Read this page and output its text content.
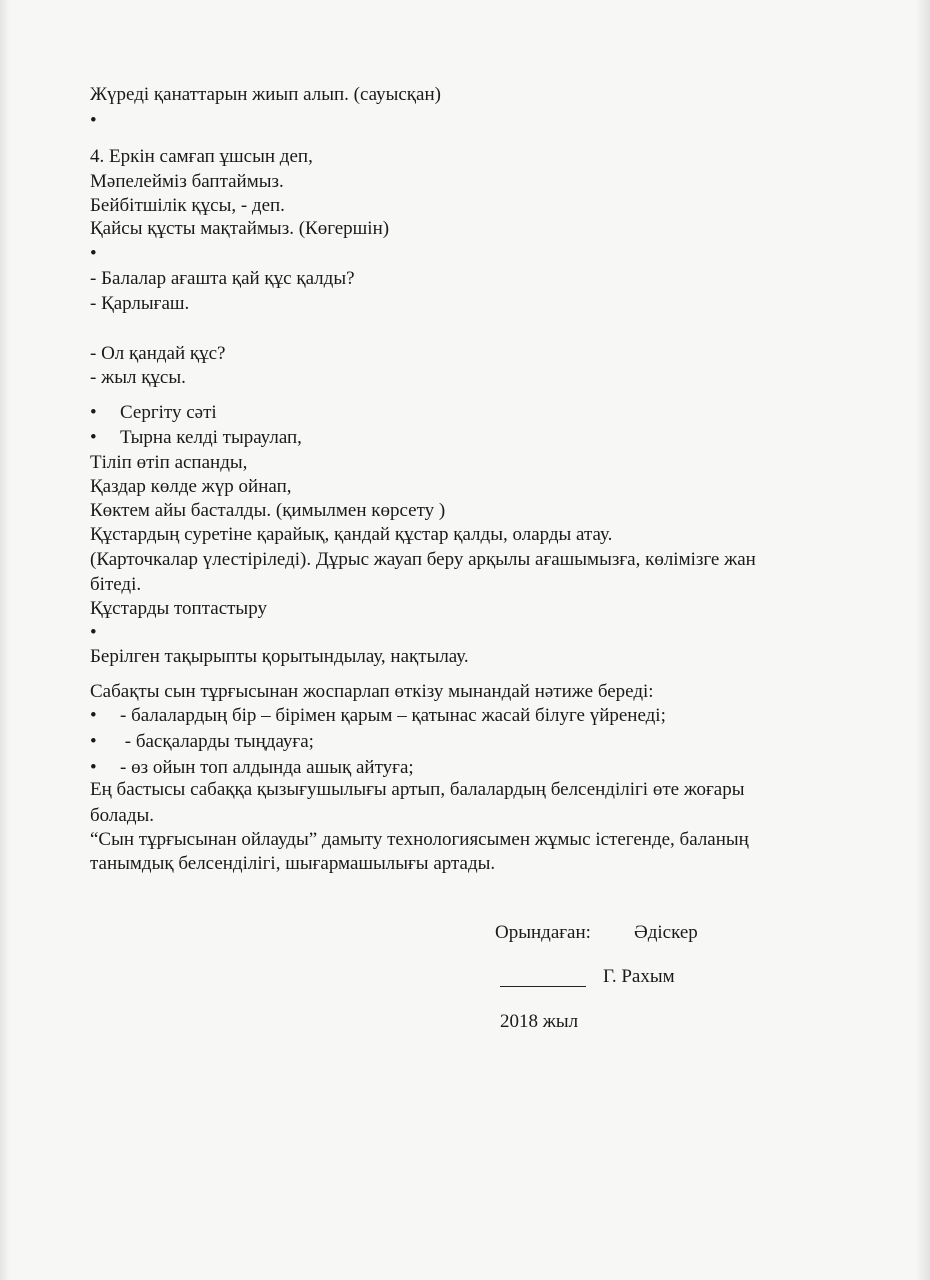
Жүреді қанаттарын жиып алып. (сауысқан)

•

4. Еркін самғап ұшсын деп,

Мәпелейміз баптаймыз.

Бейбітшілік құсы, - деп.

Қайсы құсты мақтаймыз. (Көгершін)

•

- Балалар ағашта қай құс қалды?

- Қарлығаш.

- Ол қандай құс?

- жыл құсы.

• Сергіту сәті

• Тырна келді тыраулап,

Тіліп өтіп аспанды,

Қаздар көлде жүр ойнап,

Көктем айы басталды. (қимылмен көрсету )

Құстардың суретіне қарайық, қандай құстар қалды, оларды атау.

(Карточкалар үлестіріледі). Дұрыс жауап беру арқылы ағашымызға, көлімізге жан

бітеді.

Құстарды топтастыру

•

Берілген тақырыпты қорытындылау, нақтылау.

Сабақты сын тұрғысынан жоспарлап өткізу мынандай нәтиже береді:

• - балалардың бір – бірімен қарым – қатынас жасай білуге үйренеді;

• - басқаларды тыңдауға;

• - өз ойын топ алдында ашық айтуға;

Ең бастысы сабаққа қызығушылығы артып, балалардың белсенділігі өте жоғары

болады.

“Сын тұрғысынан ойлауды” дамыту технологиясымен жұмыс істегенде, баланың

танымдық белсенділігі, шығармашылығы артады.

Орындаған: Әдіскер
Г. Рахым
2018 жыл
